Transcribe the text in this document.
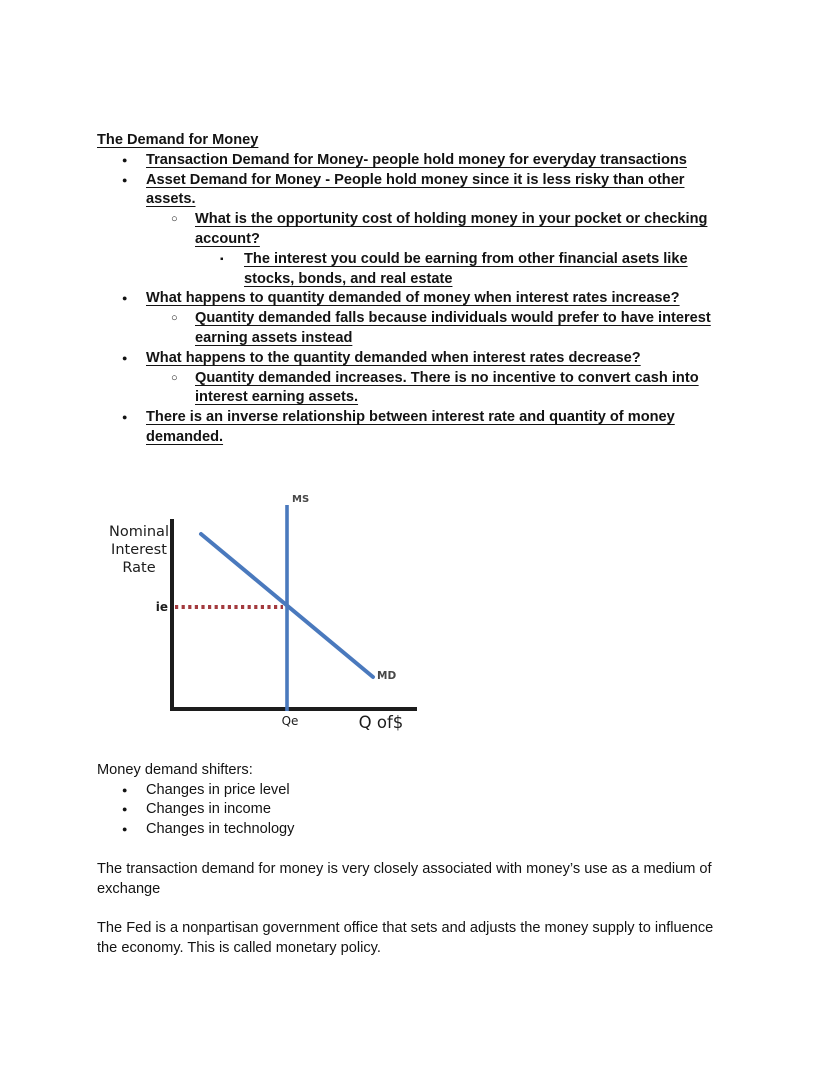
The Demand for Money
● Transaction Demand for Money- people hold money for everyday transactions
● Asset Demand for Money - People hold money since it is less risky than other assets.
○ What is the opportunity cost of holding money in your pocket or checking account?
▪ The interest you could be earning from other financial asets like stocks, bonds, and real estate
● What happens to quantity demanded of money when interest rates increase?
○ Quantity demanded falls because individuals would prefer to have interest earning assets instead
● What happens to the quantity demanded when interest rates decrease?
○ Quantity demanded increases. There is no incentive to convert cash into interest earning assets.
● There is an inverse relationship between interest rate and quantity of money demanded.
MS
MD
Nominal
Interest
Rate
ie
Qe	Q of$
Money demand shifters:
● Changes in price level
● Changes in income
● Changes in technology
The transaction demand for money is very closely associated with money’s use as a medium of exchange
The Fed is a nonpartisan government office that sets and adjusts the money supply to influence the economy. This is called monetary policy.
